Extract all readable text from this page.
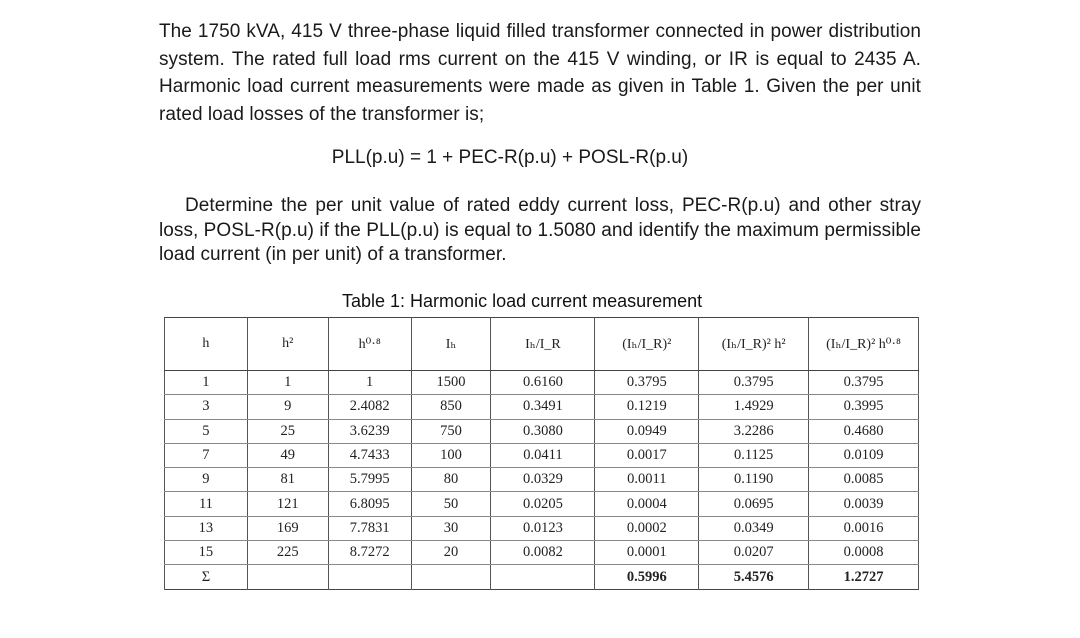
The 1750 kVA, 415 V three-phase liquid filled transformer connected in power distribution system. The rated full load rms current on the 415 V winding, or IR is equal to 2435 A. Harmonic load current measurements were made as given in Table 1. Given the per unit rated load losses of the transformer is;
PLL(p.u) = 1 + PEC-R(p.u) + POSL-R(p.u)
Determine the per unit value of rated eddy current loss, PEC-R(p.u) and other stray loss, POSL-R(p.u) if the PLL(p.u) is equal to 1.5080 and identify the maximum permissible load current (in per unit) of a transformer.
Table 1: Harmonic load current measurement
h	h²	h⁰·⁸	Iₕ	Iₕ/I_R	(Iₕ/I_R)²	(Iₕ/I_R)² h²	(Iₕ/I_R)² h⁰·⁸
1	1	1	1500	0.6160	0.3795	0.3795	0.3795
3	9	2.4082	850	0.3491	0.1219	1.4929	0.3995
5	25	3.6239	750	0.3080	0.0949	3.2286	0.4680
7	49	4.7433	100	0.0411	0.0017	0.1125	0.0109
9	81	5.7995	80	0.0329	0.0011	0.1190	0.0085
11	121	6.8095	50	0.0205	0.0004	0.0695	0.0039
13	169	7.7831	30	0.0123	0.0002	0.0349	0.0016
15	225	8.7272	20	0.0082	0.0001	0.0207	0.0008
Σ					0.5996	5.4576	1.2727
